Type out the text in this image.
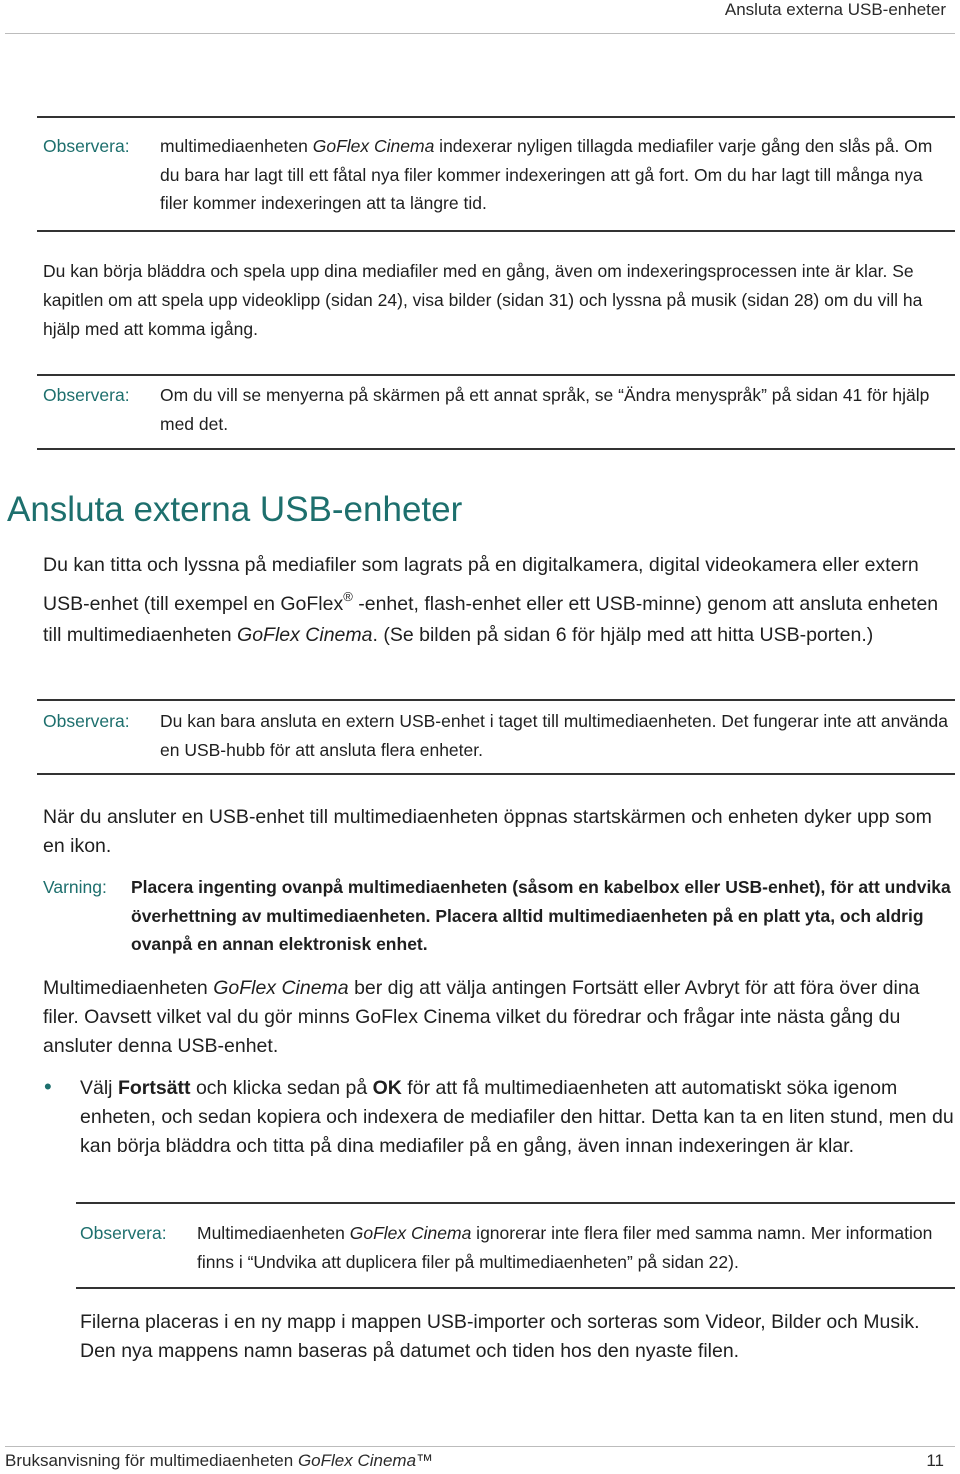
Ansluta externa USB-enheter
Observera: multimediaenheten GoFlex Cinema indexerar nyligen tillagda mediafiler varje gång den slås på. Om du bara har lagt till ett fåtal nya filer kommer indexeringen att gå fort. Om du har lagt till många nya filer kommer indexeringen att ta längre tid.
Du kan börja bläddra och spela upp dina mediafiler med en gång, även om indexeringsprocessen inte är klar. Se kapitlen om att spela upp videoklipp (sidan 24), visa bilder (sidan 31) och lyssna på musik (sidan 28) om du vill ha hjälp med att komma igång.
Observera: Om du vill se menyerna på skärmen på ett annat språk, se “Ändra menyspråk” på sidan 41 för hjälp med det.
Ansluta externa USB-enheter
Du kan titta och lyssna på mediafiler som lagrats på en digitalkamera, digital videokamera eller extern USB-enhet (till exempel en GoFlex® -enhet, flash-enhet eller ett USB-minne) genom att ansluta enheten till multimediaenheten GoFlex Cinema. (Se bilden på sidan 6 för hjälp med att hitta USB-porten.)
Observera: Du kan bara ansluta en extern USB-enhet i taget till multimediaenheten. Det fungerar inte att använda en USB-hubb för att ansluta flera enheter.
När du ansluter en USB-enhet till multimediaenheten öppnas startskärmen och enheten dyker upp som en ikon.
Varning: Placera ingenting ovanpå multimediaenheten (såsom en kabelbox eller USB-enhet), för att undvika överhettning av multimediaenheten. Placera alltid multimediaenheten på en platt yta, och aldrig ovanpå en annan elektronisk enhet.
Multimediaenheten GoFlex Cinema ber dig att välja antingen Fortsätt eller Avbryt för att föra över dina filer. Oavsett vilket val du gör minns GoFlex Cinema vilket du föredrar och frågar inte nästa gång du ansluter denna USB-enhet.
• Välj Fortsätt och klicka sedan på OK för att få multimediaenheten att automatiskt söka igenom enheten, och sedan kopiera och indexera de mediafiler den hittar. Detta kan ta en liten stund, men du kan börja bläddra och titta på dina mediafiler på en gång, även innan indexeringen är klar.
Observera: Multimediaenheten GoFlex Cinema ignorerar inte flera filer med samma namn. Mer information finns i “Undvika att duplicera filer på multimediaenheten” på sidan 22).
Filerna placeras i en ny mapp i mappen USB-importer och sorteras som Videor, Bilder och Musik. Den nya mappens namn baseras på datumet och tiden hos den nyaste filen.
Bruksanvisning för multimediaenheten GoFlex Cinema™	11
